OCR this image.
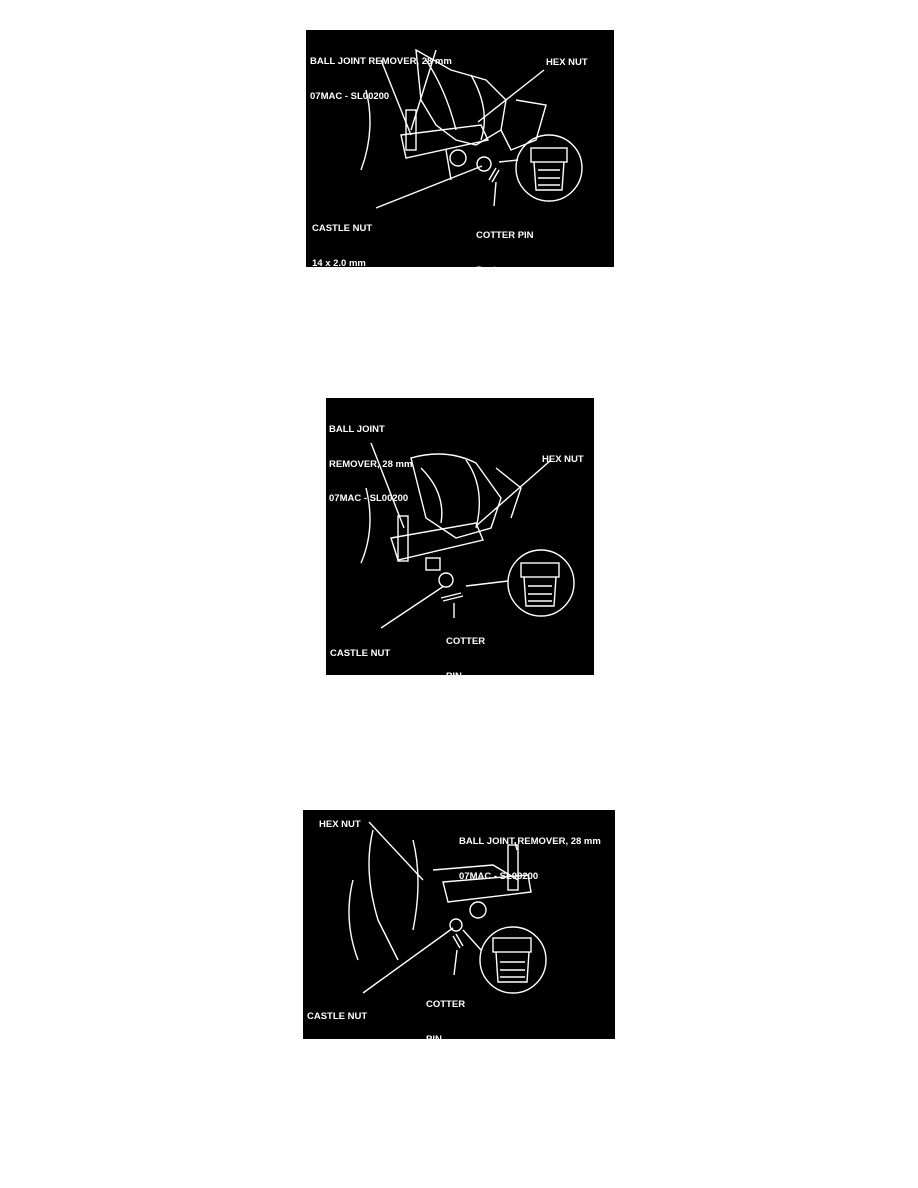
BALL JOINT REMOVER, 28 mm

07MAC - SL00200

HEX NUT

CASTLE NUT

14 x 2.0 mm

69 - 78 N·m (7.0 - 8.0 kgf·m,

51 - 58 lbf·ft)

COTTER PIN

Replace.

On reassembly,

bend the cotter pin

as shown.

BALL JOINT

REMOVER, 28 mm

07MAC - SL00200

HEX NUT

CASTLE NUT

49 - 59 N·m

(5.0 - 6.0 kgf·m,

36 - 43 lbf·ft)

COTTER

PIN

Replace.

On reassembly,

bend the cotter pin as shown.

BALL JOINT REMOVER, 28 mm

07MAC - SL00200

HEX NUT

CASTLE NUT

39 - 47 N·m

(4.0 - 4.8 kgf·m,

29 - 35 lbf·ft)

COTTER

PIN

Replace.

On reassembly, bend

the cotter pin as shown.
